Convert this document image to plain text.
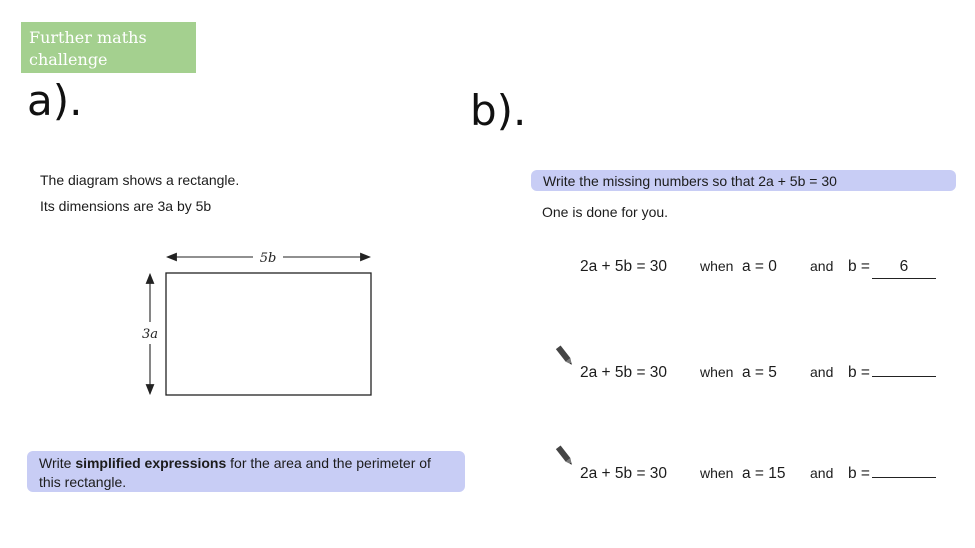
Further maths challenge
a).	b).
The diagram shows a rectangle.
Its dimensions are 3a by 5b
5b
3a
Write simplified expressions for the area and the perimeter of this rectangle.
Write the missing numbers so that 2a + 5b = 30
One is done for you.
2a + 5b = 30 when a = 0 and b = 6
2a + 5b = 30 when a = 5 and b =
2a + 5b = 30 when a = 15 and b =
